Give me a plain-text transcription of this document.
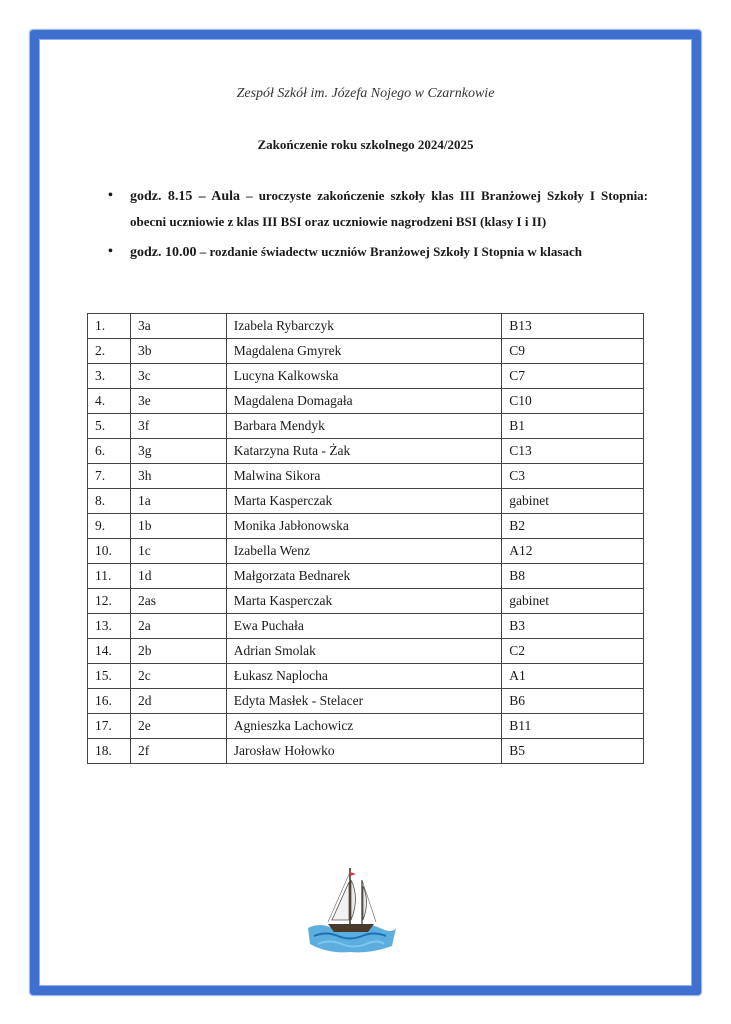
Zespół Szkół im. Józefa Nojego w Czarnkowie
Zakończenie roku szkolnego 2024/2025
• godz. 8.15 – Aula – uroczyste zakończenie szkoły klas III Branżowej Szkoły I Stopnia: obecni uczniowie z klas III BSI oraz uczniowie nagrodzeni BSI (klasy I i II)
• godz. 10.00 – rozdanie świadectw uczniów Branżowej Szkoły I Stopnia w klasach
1.	3a	Izabela Rybarczyk	B13
2.	3b	Magdalena Gmyrek	C9
3.	3c	Lucyna Kalkowska	C7
4.	3e	Magdalena Domagała	C10
5.	3f	Barbara Mendyk	B1
6.	3g	Katarzyna Ruta - Żak	C13
7.	3h	Malwina Sikora	C3
8.	1a	Marta Kasperczak	gabinet
9.	1b	Monika Jabłonowska	B2
10.	1c	Izabella Wenz	A12
11.	1d	Małgorzata Bednarek	B8
12.	2as	Marta Kasperczak	gabinet
13.	2a	Ewa Puchała	B3
14.	2b	Adrian Smolak	C2
15.	2c	Łukasz Naplocha	A1
16.	2d	Edyta Masłek - Stelacer	B6
17.	2e	Agnieszka Lachowicz	B11
18.	2f	Jarosław Hołowko	B5
